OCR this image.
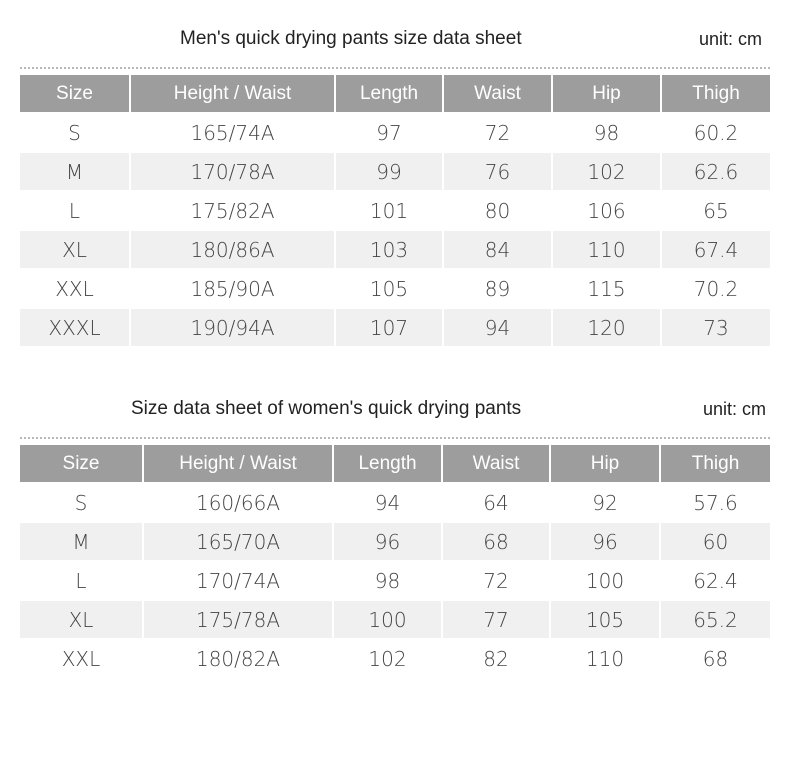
Men's quick drying pants size data sheet	unit: cm
Size	Height / Waist	Length	Waist	Hip	Thigh
S	165/74A	97	72	98	60.2
M	170/78A	99	76	102	62.6
L	175/82A	101	80	106	65
XL	180/86A	103	84	110	67.4
XXL	185/90A	105	89	115	70.2
XXXL	190/94A	107	94	120	73
Size data sheet of women's quick drying pants	unit: cm
Size	Height / Waist	Length	Waist	Hip	Thigh
S	160/66A	94	64	92	57.6
M	165/70A	96	68	96	60
L	170/74A	98	72	100	62.4
XL	175/78A	100	77	105	65.2
XXL	180/82A	102	82	110	68
